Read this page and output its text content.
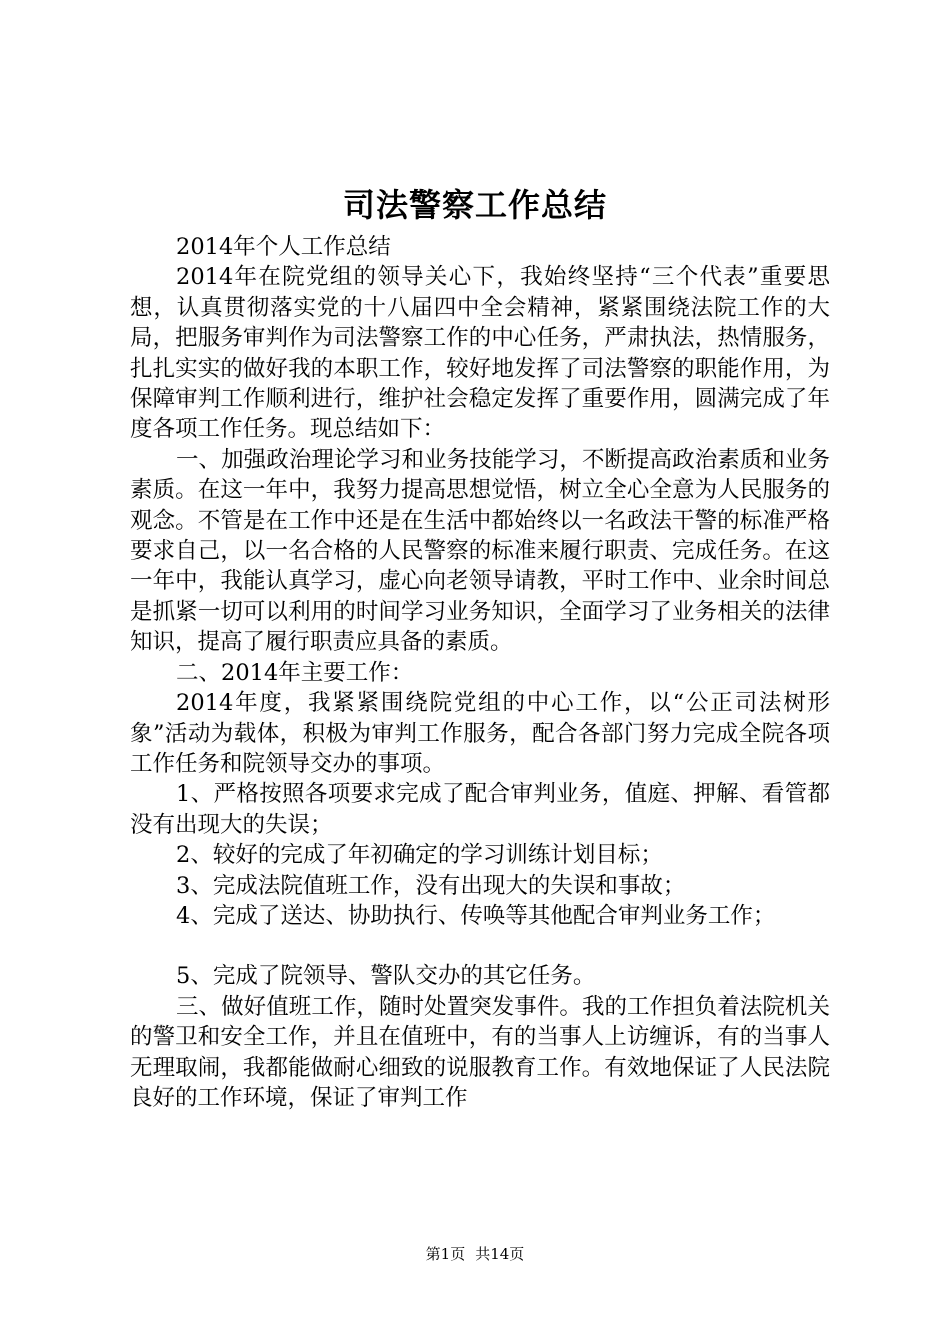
司法警察工作总结

2014年个人工作总结

2014年在院党组的领导关心下，我始终坚持“三个代表”重要思想，认真贯彻落实党的十八届四中全会精神，紧紧围绕法院工作的大局，把服务审判作为司法警察工作的中心任务，严肃执法，热情服务，扎扎实实的做好我的本职工作，较好地发挥了司法警察的职能作用，为保障审判工作顺利进行，维护社会稳定发挥了重要作用，圆满完成了年度各项工作任务。现总结如下：

一、加强政治理论学习和业务技能学习，不断提高政治素质和业务素质。在这一年中，我努力提高思想觉悟，树立全心全意为人民服务的观念。不管是在工作中还是在生活中都始终以一名政法干警的标准严格要求自己，以一名合格的人民警察的标准来履行职责、完成任务。在这一年中，我能认真学习，虚心向老领导请教，平时工作中、业余时间总是抓紧一切可以利用的时间学习业务知识，全面学习了业务相关的法律知识，提高了履行职责应具备的素质。

二、2014年主要工作：

2014年度，我紧紧围绕院党组的中心工作，以“公正司法树形象”活动为载体，积极为审判工作服务，配合各部门努力完成全院各项工作任务和院领导交办的事项。

1、严格按照各项要求完成了配合审判业务，值庭、押解、看管都没有出现大的失误；

2、较好的完成了年初确定的学习训练计划目标；

3、完成法院值班工作，没有出现大的失误和事故；

4、完成了送达、协助执行、传唤等其他配合审判业务工作；

5、完成了院领导、警队交办的其它任务。

三、做好值班工作，随时处置突发事件。我的工作担负着法院机关的警卫和安全工作，并且在值班中，有的当事人上访缠诉，有的当事人无理取闹，我都能做耐心细致的说服教育工作。有效地保证了人民法院良好的工作环境，保证了审判工作

第1页 共14页
